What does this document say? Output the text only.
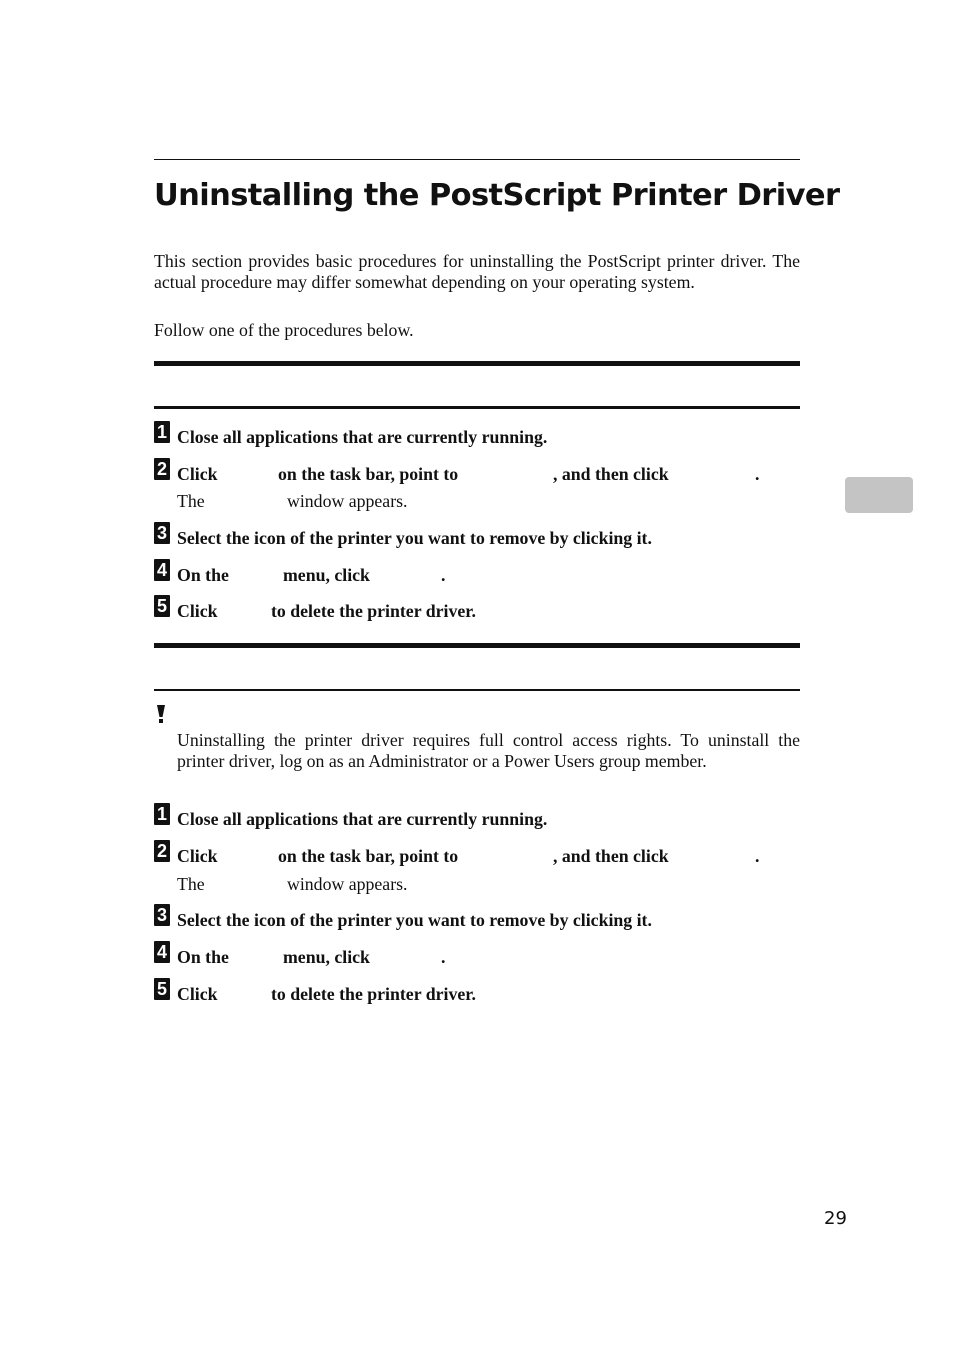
Uninstalling the PostScript Printer Driver
This section provides basic procedures for uninstalling the PostScript printer driver. The actual procedure may differ somewhat depending on your operating system.
Follow one of the procedures below.
1 Close all applications that are currently running.
2 Click	on the task bar, point to	, and then click	.
The	window appears.
3 Select the icon of the printer you want to remove by clicking it.
4 On the	menu, click	.
5 Click	to delete the printer driver.
Uninstalling the printer driver requires full control access rights. To uninstall the printer driver, log on as an Administrator or a Power Users group member.
1 Close all applications that are currently running.
2 Click	on the task bar, point to	, and then click	.
The	window appears.
3 Select the icon of the printer you want to remove by clicking it.
4 On the	menu, click	.
5 Click	to delete the printer driver.
29
